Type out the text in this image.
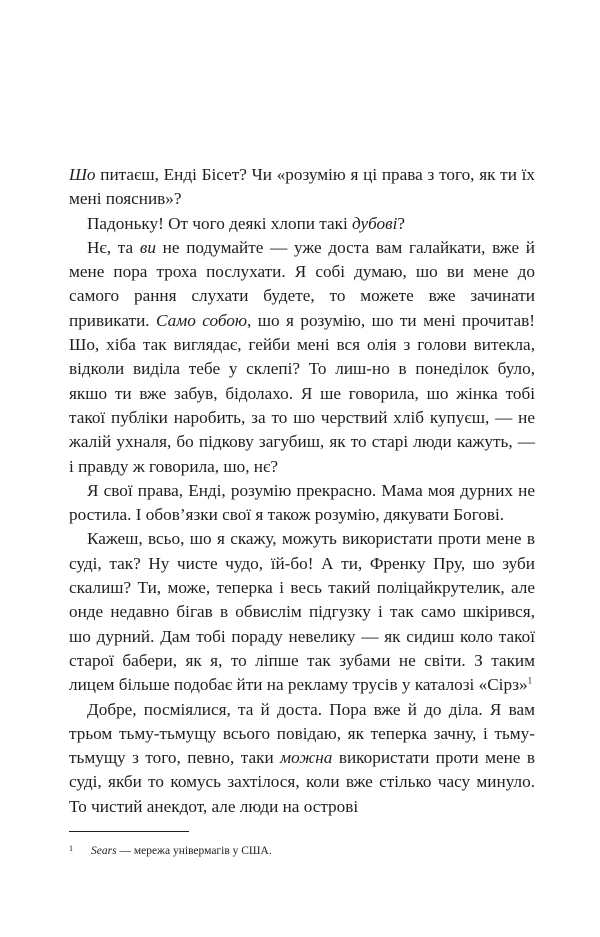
Шо питаєш, Енді Бісет? Чи «розумію я ці права з того, як ти їх мені пояснив»?

Падоньку! От чого деякі хлопи такі дубові?

Нє, та ви не подумайте — уже доста вам галайкати, вже й мене пора троха послухати. Я собі думаю, шо ви мене до самого рання слухати будете, то можете вже зачинати привикати. Само собою, шо я розумію, шо ти мені прочитав! Шо, хіба так виглядає, гейби мені вся олія з голови витекла, відколи виділа тебе у склепі? То лиш-но в понеділок було, якшо ти вже забув, бідолахо. Я ше говорила, шо жінка тобі такої публіки наробить, за то шо черствий хліб купуєш, — не жалій ухналя, бо підкову загубиш, як то старі люди кажуть, — і правду ж говорила, шо, нє?

Я свої права, Енді, розумію прекрасно. Мама моя дурних не ростила. І обов’язки свої я також розумію, дякувати Богові.

Кажеш, всьо, шо я скажу, можуть використати проти мене в суді, так? Ну чисте чудо, їй-бо! А ти, Френку Пру, шо зуби скалиш? Ти, може, теперка і весь такий поліцайкрутелик, але онде недавно бігав в обвислім підгузку і так само шкірився, шо дурний. Дам тобі пораду невелику — як сидиш коло такої старої бабери, як я, то ліпше так зубами не світи. З таким лицем більше подобає йти на рекламу трусів у каталозі «Сірз»$^1$

Добре, посміялися, та й доста. Пора вже й до діла. Я вам трьом тьму-тьмущу всього повідаю, як теперка зачну, і тьму-тьмущу з того, певно, таки можна використати проти мене в суді, якби то комусь захтілося, коли вже стілько часу минуло. То чистий анекдот, але люди на острові

1 Sears — мережа універмагів у США.
